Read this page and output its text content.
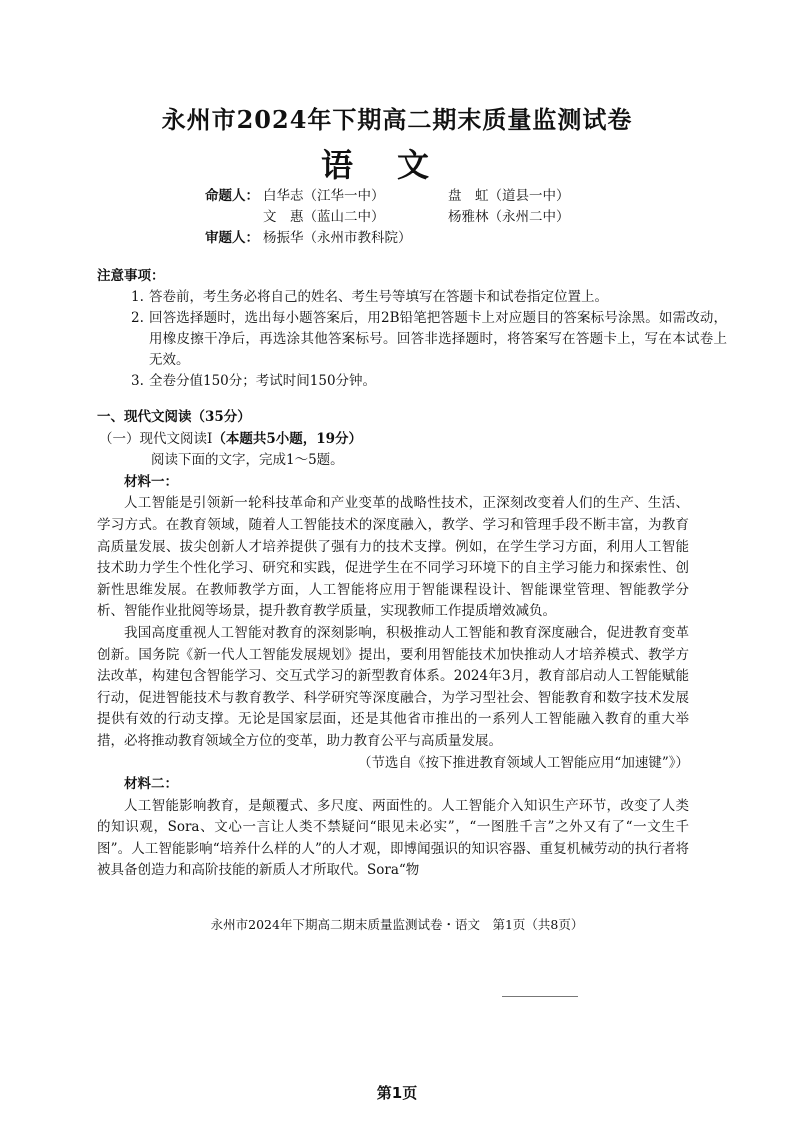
永州市2024年下期高二期末质量监测试卷
语文
命题人： 白华志（江华一中）	盘　虹（道县一中）
文　惠（蓝山二中）	杨雅林（永州二中）
审题人： 杨振华（永州市教科院）
注意事项：
1. 答卷前，考生务必将自己的姓名、考生号等填写在答题卡和试卷指定位置上。
2. 回答选择题时，选出每小题答案后，用2B铅笔把答题卡上对应题目的答案标号涂黑。如需改动，用橡皮擦干净后，再选涂其他答案标号。回答非选择题时，将答案写在答题卡上，写在本试卷上无效。
3. 全卷分值150分；考试时间150分钟。
一、现代文阅读（35分）
（一）现代文阅读Ⅰ（本题共5小题，19分）
阅读下面的文字，完成1～5题。
材料一：

人工智能是引领新一轮科技革命和产业变革的战略性技术，正深刻改变着人们的生产、生活、学习方式。在教育领域，随着人工智能技术的深度融入，教学、学习和管理手段不断丰富，为教育高质量发展、拔尖创新人才培养提供了强有力的技术支撑。例如，在学生学习方面，利用人工智能技术助力学生个性化学习、研究和实践，促进学生在不同学习环境下的自主学习能力和探索性、创新性思维发展。在教师教学方面，人工智能将应用于智能课程设计、智能课堂管理、智能教学分析、智能作业批阅等场景，提升教育教学质量，实现教师工作提质增效减负。

我国高度重视人工智能对教育的深刻影响，积极推动人工智能和教育深度融合，促进教育变革创新。国务院《新一代人工智能发展规划》提出，要利用智能技术加快推动人才培养模式、教学方法改革，构建包含智能学习、交互式学习的新型教育体系。2024年3月，教育部启动人工智能赋能行动，促进智能技术与教育教学、科学研究等深度融合，为学习型社会、智能教育和数字技术发展提供有效的行动支撑。无论是国家层面，还是其他省市推出的一系列人工智能融入教育的重大举措，必将推动教育领域全方位的变革，助力教育公平与高质量发展。

（节选自《按下推进教育领域人工智能应用“加速键”》）
材料二：

人工智能影响教育，是颠覆式、多尺度、两面性的。人工智能介入知识生产环节，改变了人类的知识观，Sora、文心一言让人类不禁疑问“眼见未必实”，“一图胜千言”之外又有了“一文生千图”。人工智能影响“培养什么样的人”的人才观，即博闻强识的知识容器、重复机械劳动的执行者将被具备创造力和高阶技能的新质人才所取代。Sora“物

永州市2024年下期高二期末质量监测试卷・语文　第1页（共8页）
第1页
